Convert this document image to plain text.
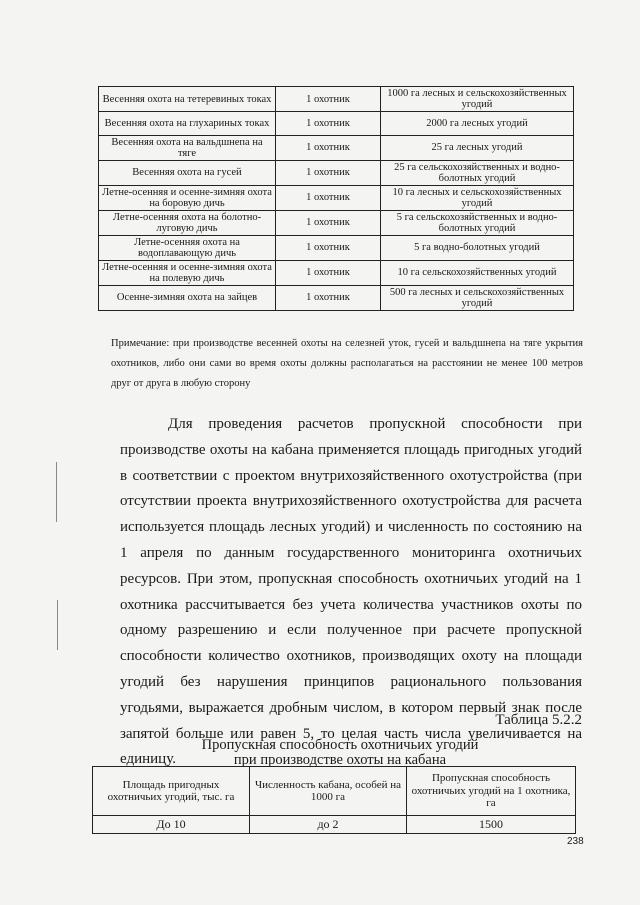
Весенняя охота на тетеревиных токах	1 охотник	1000 га лесных и сельскохозяйственных угодий
Весенняя охота на глухариных токах	1 охотник	2000 га лесных угодий
Весенняя охота на вальдшнепа на тяге	1 охотник	25 га лесных угодий
Весенняя охота на гусей	1 охотник	25 га сельскохозяйственных и водно-болотных угодий
Летне-осенняя и осенне-зимняя охота на боровую дичь	1 охотник	10 га лесных и сельскохозяйственных угодий
Летне-осенняя охота на болотно-луговую дичь	1 охотник	5 га сельскохозяйственных и водно-болотных угодий
Летне-осенняя охота на водоплавающую дичь	1 охотник	5 га водно-болотных угодий
Летне-осенняя и осенне-зимняя охота на полевую дичь	1 охотник	10 га сельскохозяйственных угодий
Осенне-зимняя охота на зайцев	1 охотник	500 га лесных и сельскохозяйственных угодий

Примечание: при производстве весенней охоты на селезней уток, гусей и вальдшнепа на тяге укрытия охотников, либо они сами во время охоты должны располагаться на расстоянии не менее 100 метров друг от друга в любую сторону

Для проведения расчетов пропускной способности при производстве охоты на кабана применяется площадь пригодных угодий в соответствии с проектом внутрихозяйственного охотустройства (при отсутствии проекта внутрихозяйственного охотустройства для расчета используется площадь лесных угодий) и численность по состоянию на 1 апреля по данным государственного мониторинга охотничьих ресурсов. При этом, пропускная способность охотничьих угодий на 1 охотника рассчитывается без учета количества участников охоты по одному разрешению и если полученное при расчете пропускной способности количество охотников, производящих охоту на площади угодий без нарушения принципов рационального пользования угодьями, выражается дробным числом, в котором первый знак после запятой больше или равен 5, то целая часть числа увеличивается на единицу.

Таблица 5.2.2
Пропускная способность охотничьих угодий
при производстве охоты на кабана
Площадь пригодных охотничьих угодий, тыс. га	Численность кабана, особей на 1000 га	Пропускная способность охотничьих угодий на 1 охотника, га
До 10	до 2	1500
238
